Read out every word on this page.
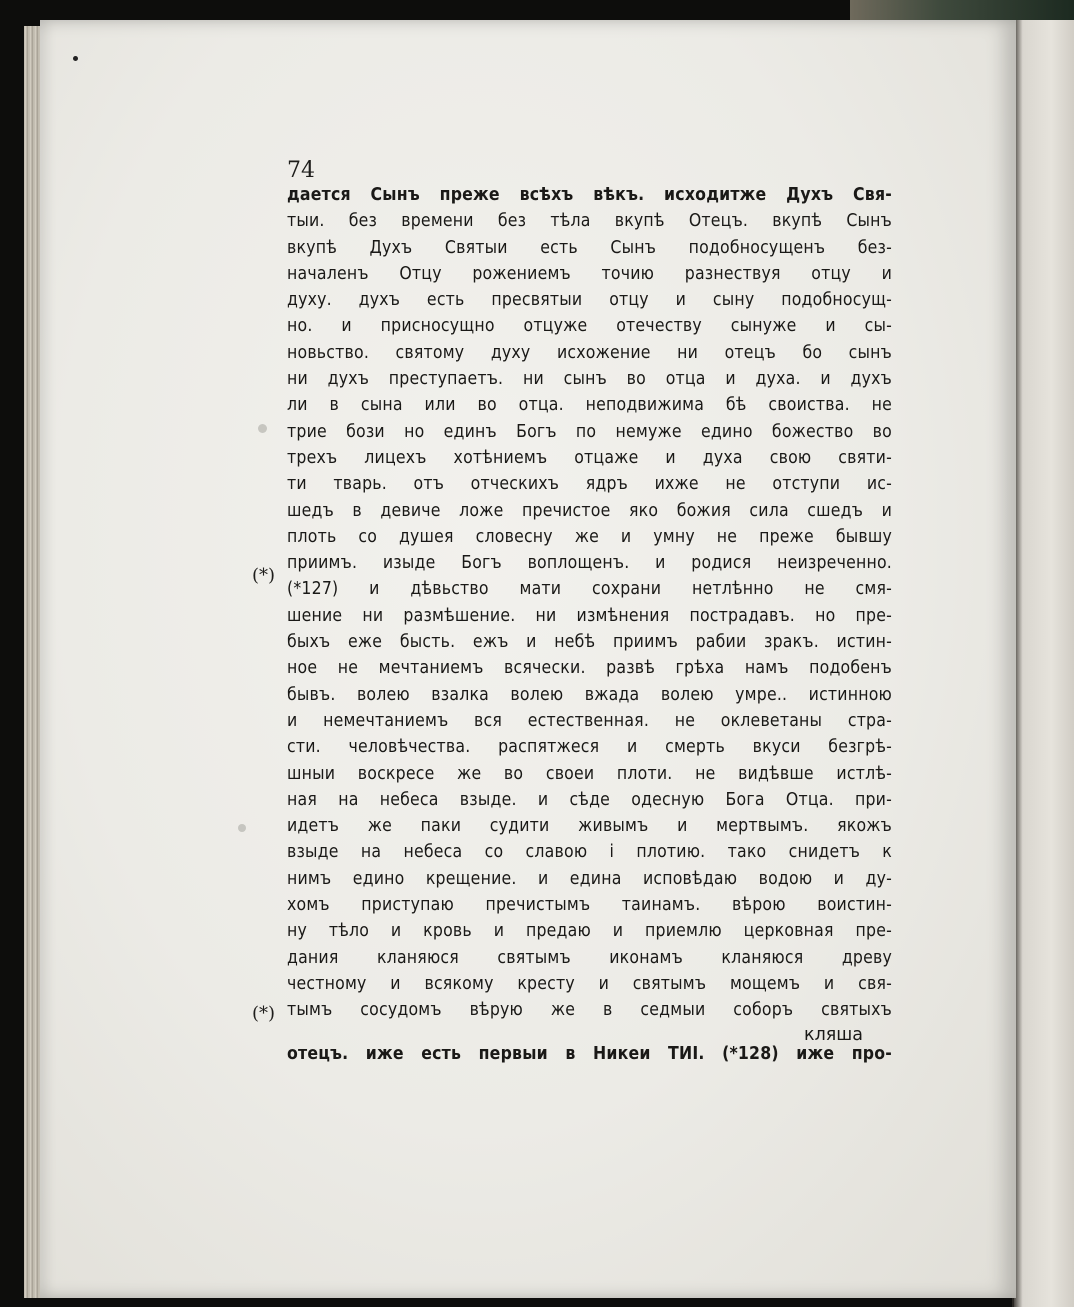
74
(*)
(*)
дается Сынъ преже всѣхъ вѣкъ. исходитже Духъ Свя-
тыи. без времени без тѣла вкупѣ Отецъ. вкупѣ Сынъ
вкупѣ Духъ Святыи есть Сынъ подобносущенъ без-
началенъ Отцу рожениемъ точию разнествуя отцу и
духу. духъ есть пресвятыи отцу и сыну подобносущ-
но. и присносущно отцуже отечеству сынуже и сы-
новьство. святому духу исхожение ни отецъ бо сынъ
ни духъ преступаетъ. ни сынъ во отца и духа. и духъ
ли в сына или во отца. неподвижима бѣ своиства. не
трие бози но единъ Богъ по немуже едино божество во
трехъ лицехъ хотѣниемъ отцаже и духа свою святи-
ти тварь. отъ отческихъ ядръ ихже не отступи ис-
шедъ в девиче ложе пречистое яко божия сила сшедъ и
плоть со душея словесну же и умну не преже бывшу
приимъ. изыде Богъ воплощенъ. и родися неизреченно.
(*127) и дѣвьство мати сохрани нетлѣнно не смя-
шение ни размѣшение. ни измѣнения пострадавъ. но пре-
быхъ еже бысть. ежъ и небѣ приимъ рабии зракъ. истин-
ное не мечтаниемъ всячески. развѣ грѣха намъ подобенъ
бывъ. волею взалка волею вжада волею умре.. истинною
и немечтаниемъ вся естественная. не оклеветаны стра-
сти. человѣчества. распятжеся и смерть вкуси безгрѣ-
шныи воскресе же во своеи плоти. не видѣвше истлѣ-
ная на небеса взыде. и сѣде одесную Бога Отца. при-
идетъ же паки судити живымъ и мертвымъ. якожъ
взыде на небеса со славою і плотию. тако снидетъ к
нимъ едино крещение. и едина исповѣдаю водою и ду-
хомъ приступаю пречистымъ таинамъ. вѣрою воистин-
ну тѣло и кровь и предаю и приемлю церковная пре-
дания кланяюся святымъ иконамъ кланяюся древу
честному и всякому кресту и святымъ мощемъ и свя-
тымъ сосудомъ вѣрую же в седмыи соборъ святыхъ
отецъ. иже есть первыи в Никеи ТИI. (*128) иже про-
кляша
